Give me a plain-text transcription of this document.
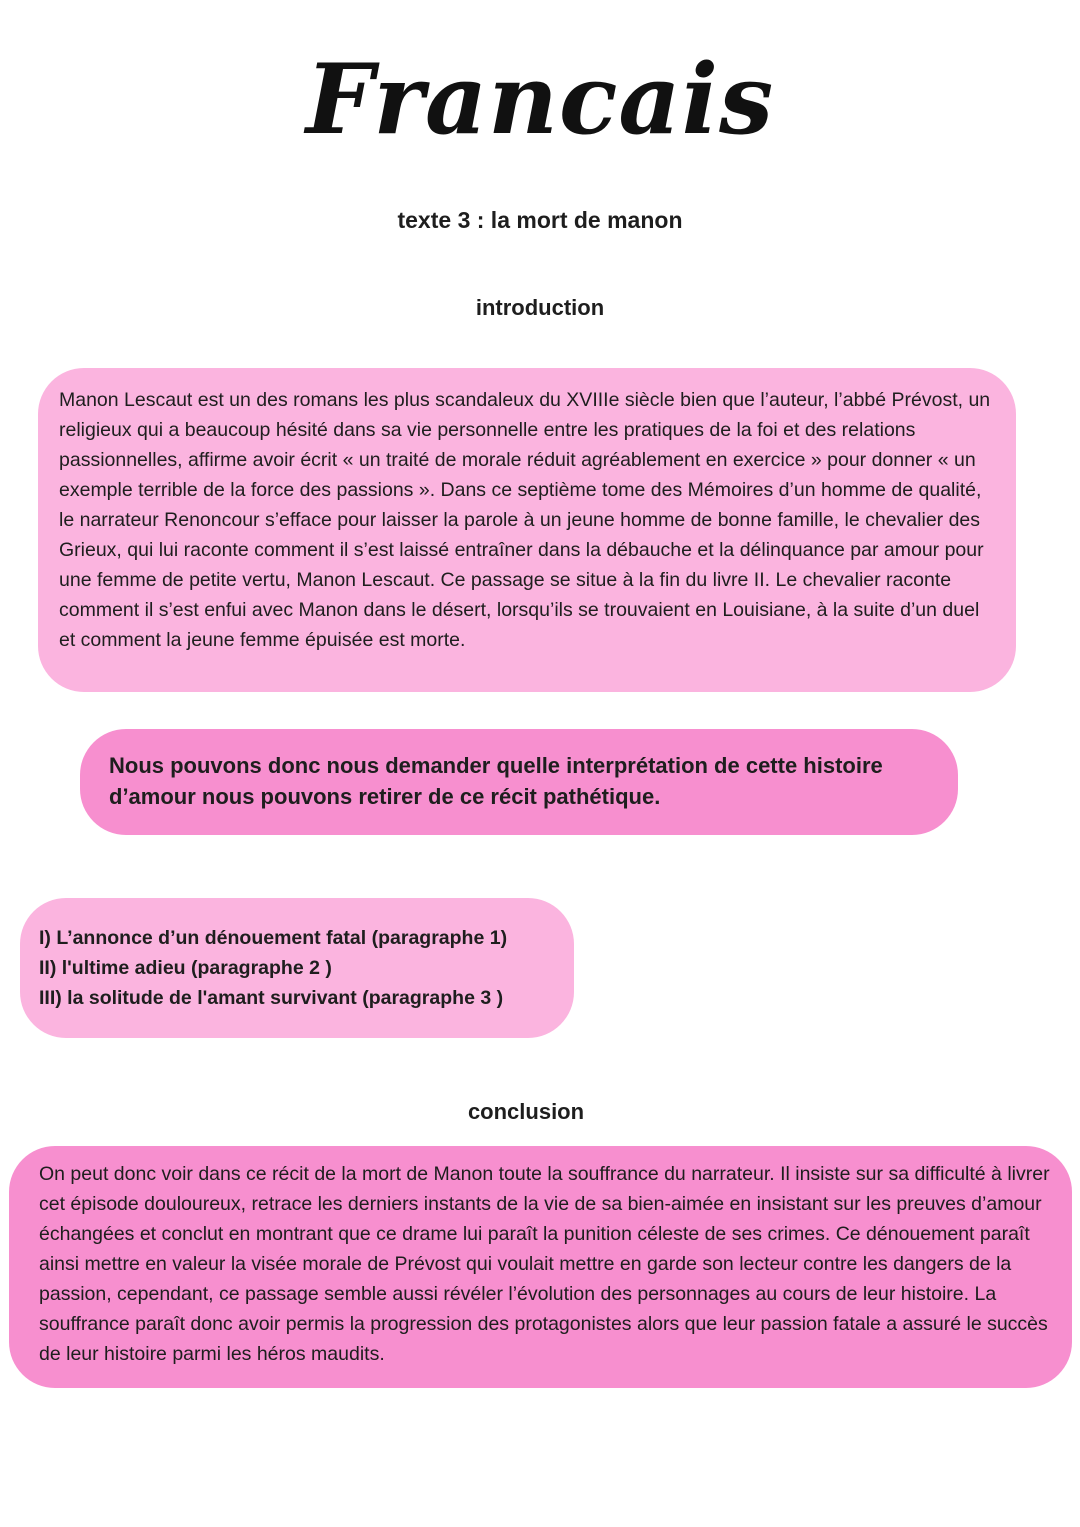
Francais
texte 3 : la mort de manon
introduction
Manon Lescaut est un des romans les plus scandaleux du XVIIIe siècle bien que l’auteur, l’abbé Prévost, un religieux qui a beaucoup hésité dans sa vie personnelle entre les pratiques de la foi et des relations passionnelles, affirme avoir écrit « un traité de morale réduit agréablement en exercice » pour donner « un exemple terrible de la force des passions ». Dans ce septième tome des Mémoires d’un homme de qualité, le narrateur Renoncour s’efface pour laisser la parole à un jeune homme de bonne famille, le chevalier des Grieux, qui lui raconte comment il s’est laissé entraîner dans la débauche et la délinquance par amour pour une femme de petite vertu, Manon Lescaut. Ce passage se situe à la fin du livre II. Le chevalier raconte comment il s’est enfui avec Manon dans le désert, lorsqu’ils se trouvaient en Louisiane, à la suite d’un duel et comment la jeune femme épuisée est morte.
Nous pouvons donc nous demander quelle interprétation de cette histoire d’amour nous pouvons retirer de ce récit pathétique.
I) L’annonce d’un dénouement fatal (paragraphe 1)
II) l'ultime adieu (paragraphe 2 )
III) la solitude de l'amant survivant (paragraphe 3 )
conclusion
On peut donc voir dans ce récit de la mort de Manon toute la souffrance du narrateur. Il insiste sur sa difficulté à livrer cet épisode douloureux, retrace les derniers instants de la vie de sa bien-aimée en insistant sur les preuves d’amour échangées et conclut en montrant que ce drame lui paraît la punition céleste de ses crimes. Ce dénouement paraît ainsi mettre en valeur la visée morale de Prévost qui voulait mettre en garde son lecteur contre les dangers de la passion, cependant, ce passage semble aussi révéler l’évolution des personnages au cours de leur histoire. La souffrance paraît donc avoir permis la progression des protagonistes alors que leur passion fatale a assuré le succès de leur histoire parmi les héros maudits.
